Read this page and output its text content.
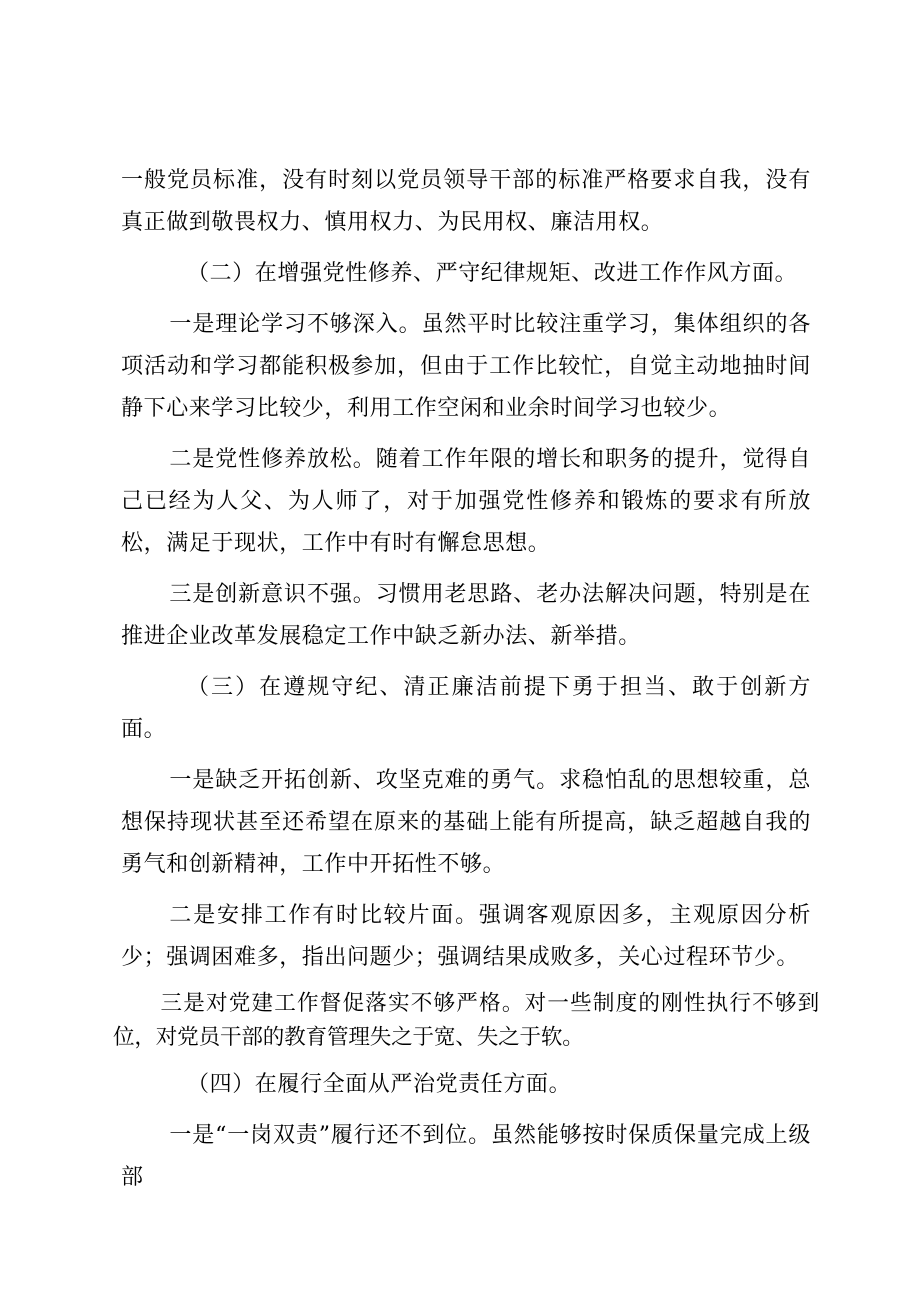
一般党员标准，没有时刻以党员领导干部的标准严格要求自我，没有真正做到敬畏权力、慎用权力、为民用权、廉洁用权。

（二）在增强党性修养、严守纪律规矩、改进工作作风方面。

一是理论学习不够深入。虽然平时比较注重学习，集体组织的各项活动和学习都能积极参加，但由于工作比较忙，自觉主动地抽时间静下心来学习比较少，利用工作空闲和业余时间学习也较少。

二是党性修养放松。随着工作年限的增长和职务的提升，觉得自己已经为人父、为人师了，对于加强党性修养和锻炼的要求有所放松，满足于现状，工作中有时有懈怠思想。

三是创新意识不强。习惯用老思路、老办法解决问题，特别是在推进企业改革发展稳定工作中缺乏新办法、新举措。

（三）在遵规守纪、清正廉洁前提下勇于担当、敢于创新方面。

一是缺乏开拓创新、攻坚克难的勇气。求稳怕乱的思想较重，总想保持现状甚至还希望在原来的基础上能有所提高，缺乏超越自我的勇气和创新精神，工作中开拓性不够。

二是安排工作有时比较片面。强调客观原因多，主观原因分析少；强调困难多，指出问题少；强调结果成败多，关心过程环节少。

三是对党建工作督促落实不够严格。对一些制度的刚性执行不够到位，对党员干部的教育管理失之于宽、失之于软。

（四）在履行全面从严治党责任方面。

一是“一岗双责”履行还不到位。虽然能够按时保质保量完成上级部
